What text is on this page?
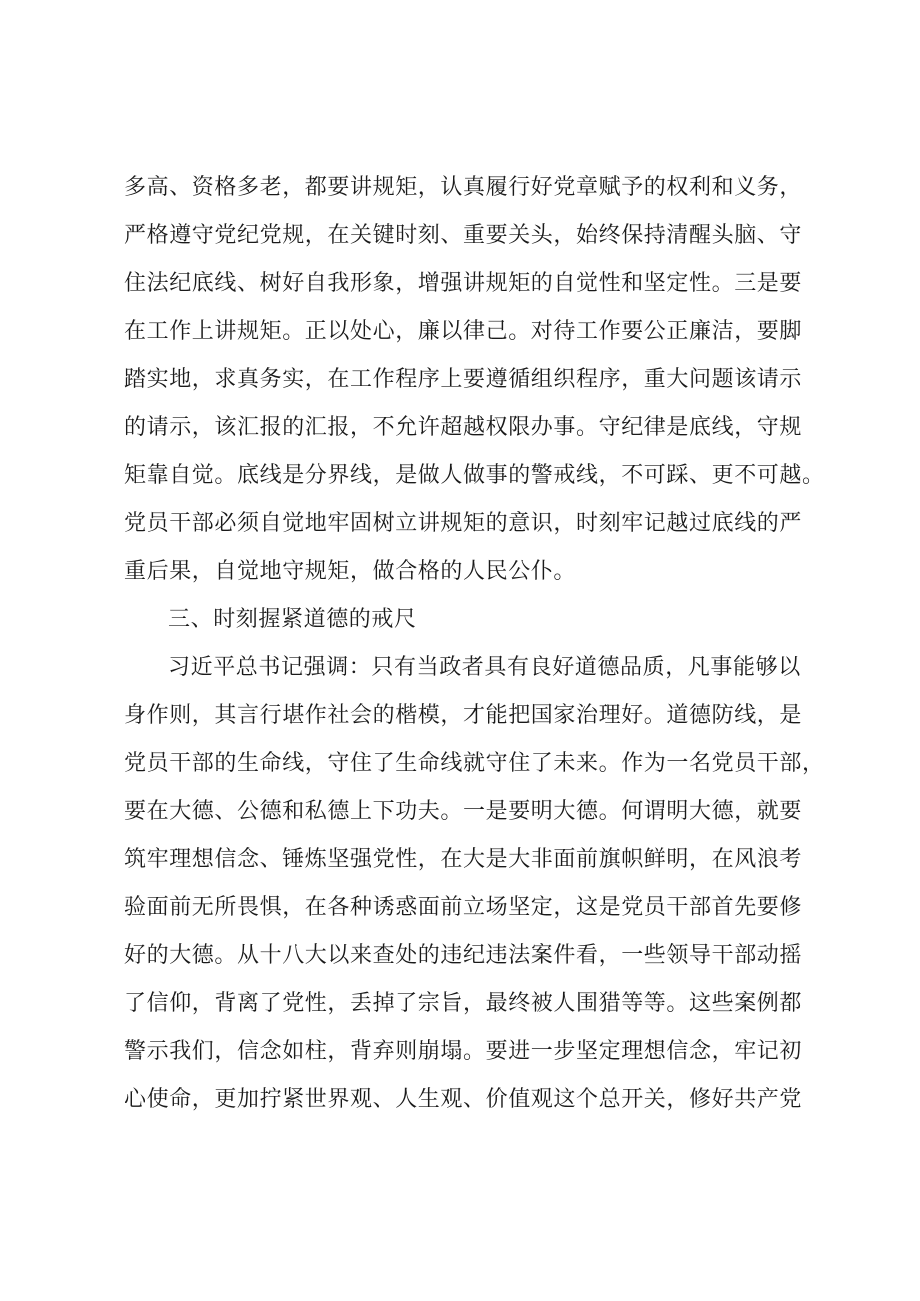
多高、资格多老，都要讲规矩，认真履行好党章赋予的权利和义务，
严格遵守党纪党规，在关键时刻、重要关头，始终保持清醒头脑、守
住法纪底线、树好自我形象，增强讲规矩的自觉性和坚定性。三是要
在工作上讲规矩。正以处心，廉以律己。对待工作要公正廉洁，要脚
踏实地，求真务实，在工作程序上要遵循组织程序，重大问题该请示
的请示，该汇报的汇报，不允许超越权限办事。守纪律是底线，守规
矩靠自觉。底线是分界线，是做人做事的警戒线，不可踩、更不可越。
党员干部必须自觉地牢固树立讲规矩的意识，时刻牢记越过底线的严
重后果，自觉地守规矩，做合格的人民公仆。
三、时刻握紧道德的戒尺
习近平总书记强调：只有当政者具有良好道德品质，凡事能够以
身作则，其言行堪作社会的楷模，才能把国家治理好。道德防线，是
党员干部的生命线，守住了生命线就守住了未来。作为一名党员干部，
要在大德、公德和私德上下功夫。一是要明大德。何谓明大德，就要
筑牢理想信念、锤炼坚强党性，在大是大非面前旗帜鲜明，在风浪考
验面前无所畏惧，在各种诱惑面前立场坚定，这是党员干部首先要修
好的大德。从十八大以来查处的违纪违法案件看，一些领导干部动摇
了信仰，背离了党性，丢掉了宗旨，最终被人围猎等等。这些案例都
警示我们，信念如柱，背弃则崩塌。要进一步坚定理想信念，牢记初
心使命，更加拧紧世界观、人生观、价值观这个总开关，修好共产党
